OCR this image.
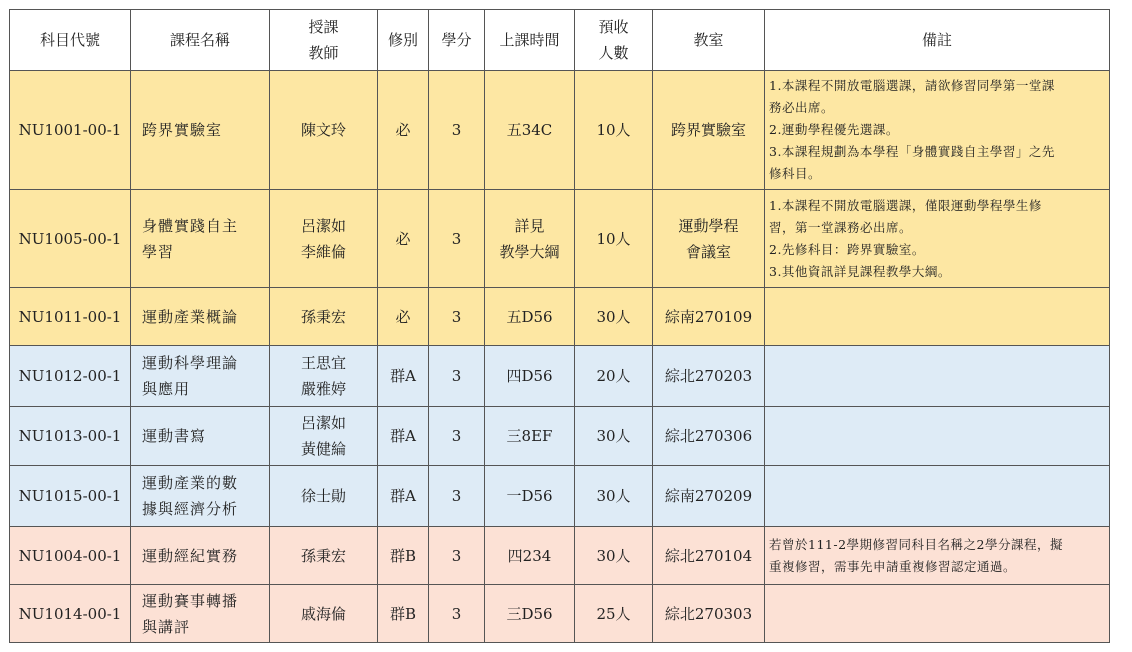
科目代號	課程名稱	授課
教師	修別	學分	上課時間	預收
人數	教室	備註

NU1001-00-1	跨界實驗室	陳文玲	必	3	五34C	10人	跨界實驗室	1.本課程不開放電腦選課，請欲修習同學第一堂課
務必出席。
2.運動學程優先選課。
3.本課程規劃為本學程「身體實踐自主學習」之先
修科目。

NU1005-00-1	身體實踐自主
學習	呂潔如
李維倫	必	3	詳見
教學大綱	10人	運動學程
會議室	1.本課程不開放電腦選課，僅限運動學程學生修
習，第一堂課務必出席。
2.先修科目：跨界實驗室。
3.其他資訊詳見課程教學大綱。

NU1011-00-1	運動產業概論	孫秉宏	必	3	五D56	30人	綜南270109	

NU1012-00-1	運動科學理論
與應用	王思宜
嚴雅婷	群A	3	四D56	20人	綜北270203	

NU1013-00-1	運動書寫	呂潔如
黃健綸	群A	3	三8EF	30人	綜北270306	

NU1015-00-1	運動產業的數
據與經濟分析	徐士勛	群A	3	一D56	30人	綜南270209	

NU1004-00-1	運動經紀實務	孫秉宏	群B	3	四234	30人	綜北270104	若曾於111-2學期修習同科目名稱之2學分課程，擬
重複修習，需事先申請重複修習認定通過。

NU1014-00-1	運動賽事轉播
與講評	戚海倫	群B	3	三D56	25人	綜北270303	
